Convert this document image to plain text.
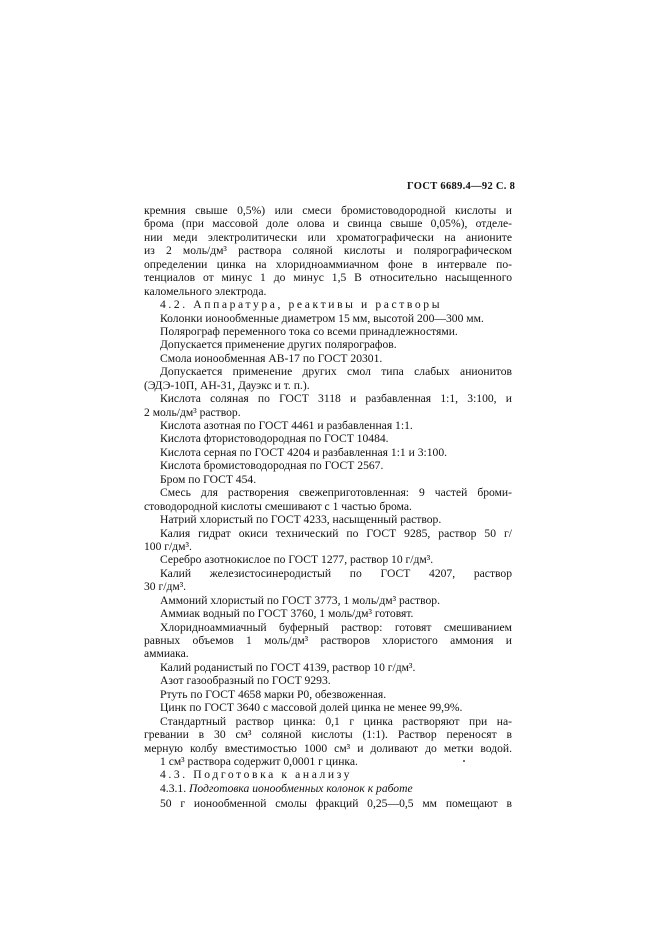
ГОСТ 6689.4—92 С. 8
кремния свыше 0,5%) или смеси бромистоводородной кислоты и
брома (при массовой доле олова и свинца свыше 0,05%), отделе-
нии меди электролитически или хроматографически на анионите
из 2 моль/дм³ раствора соляной кислоты и полярографическом
определении цинка на хлоридноаммиачном фоне в интервале по-
тенциалов от минус 1 до минус 1,5 В относительно насыщенного
каломельного электрода.
4.2. Аппаратура, реактивы и растворы
Колонки ионообменные диаметром 15 мм, высотой 200—300 мм.
Полярограф переменного тока со всеми принадлежностями.
Допускается применение других полярографов.
Смола ионообменная АВ-17 по ГОСТ 20301.
Допускается применение других смол типа слабых анионитов
(ЭДЭ-10П, АН-31, Дауэкс и т. п.).
Кислота соляная по ГОСТ 3118 и разбавленная 1:1, 3:100, и
2 моль/дм³ раствор.
Кислота азотная по ГОСТ 4461 и разбавленная 1:1.
Кислота фтористоводородная по ГОСТ 10484.
Кислота серная по ГОСТ 4204 и разбавленная 1:1 и 3:100.
Кислота бромистоводородная по ГОСТ 2567.
Бром по ГОСТ 454.
Смесь для растворения свежеприготовленная: 9 частей броми-
стоводородной кислоты смешивают с 1 частью брома.
Натрий хлористый по ГОСТ 4233, насыщенный раствор.
Калия гидрат окиси технический по ГОСТ 9285, раствор 50 г/
100 г/дм³.
Серебро азотнокислое по ГОСТ 1277, раствор 10 г/дм³.
Калий железистосинеродистый по ГОСТ 4207, раствор
30 г/дм³.
Аммоний хлористый по ГОСТ 3773, 1 моль/дм³ раствор.
Аммиак водный по ГОСТ 3760, 1 моль/дм³ готовят.
Хлоридноаммиачный буферный раствор: готовят смешиванием
равных объемов 1 моль/дм³ растворов хлористого аммония и
аммиака.
Калий роданистый по ГОСТ 4139, раствор 10 г/дм³.
Азот газообразный по ГОСТ 9293.
Ртуть по ГОСТ 4658 марки Р0, обезвоженная.
Цинк по ГОСТ 3640 с массовой долей цинка не менее 99,9%.
Стандартный раствор цинка: 0,1 г цинка растворяют при на-
гревании в 30 см³ соляной кислоты (1:1). Раствор переносят в
мерную колбу вместимостью 1000 см³ и доливают до метки водой.
1 см³ раствора содержит 0,0001 г цинка.
4.3. Подготовка к анализу
4.3.1. Подготовка ионообменных колонок к работе
50 г ионообменной смолы фракций 0,25—0,5 мм помещают в
